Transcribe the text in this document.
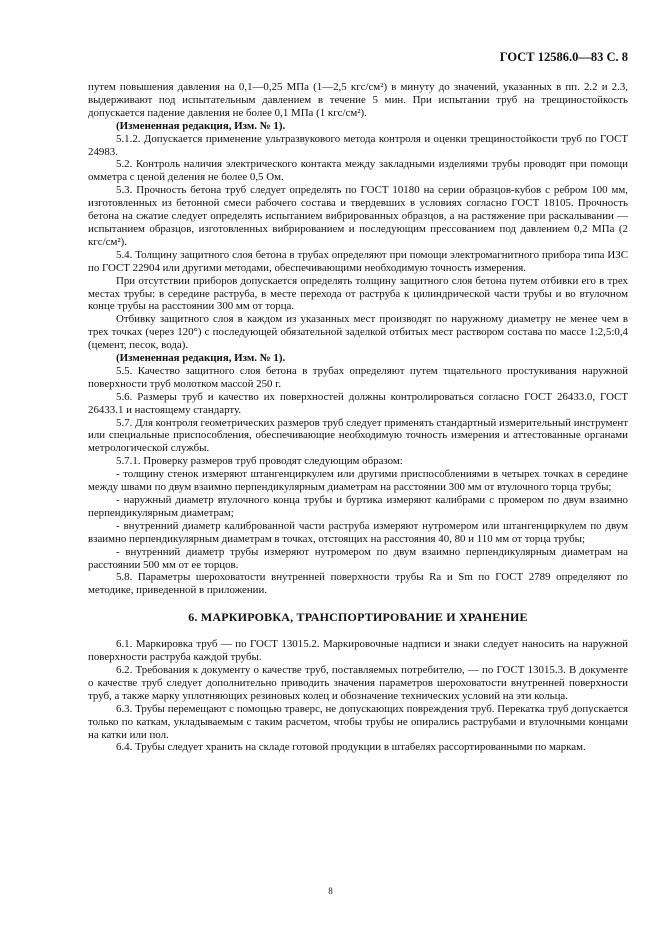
ГОСТ 12586.0—83 С. 8

путем повышения давления на 0,1—0,25 МПа (1—2,5 кгс/см²) в минуту до значений, указанных в пп. 2.2 и 2.3, выдерживают под испытательным давлением в течение 5 мин. При испытании труб на трещиностойкость допускается падение давления не более 0,1 МПа (1 кгс/см²).

(Измененная редакция, Изм. № 1).

5.1.2. Допускается применение ультразвукового метода контроля и оценки трещиностойкости труб по ГОСТ 24983.

5.2. Контроль наличия электрического контакта между закладными изделиями трубы проводят при помощи омметра с ценой деления не более 0,5 Ом.

5.3. Прочность бетона труб следует определять по ГОСТ 10180 на серии образцов-кубов с ребром 100 мм, изготовленных из бетонной смеси рабочего состава и твердевших в условиях согласно ГОСТ 18105. Прочность бетона на сжатие следует определять испытанием вибрированных образцов, а на растяжение при раскалывании — испытанием образцов, изготовленных вибрированием и последующим прессованием под давлением 0,2 МПа (2 кгс/см²).

5.4. Толщину защитного слоя бетона в трубах определяют при помощи электромагнитного прибора типа ИЗС по ГОСТ 22904 или другими методами, обеспечивающими необходимую точность измерения.

При отсутствии приборов допускается определять толщину защитного слоя бетона путем отбивки его в трех местах трубы: в середине раструба, в месте перехода от раструба к цилиндрической части трубы и во втулочном конце трубы на расстоянии 300 мм от торца.

Отбивку защитного слоя в каждом из указанных мест производят по наружному диаметру не менее чем в трех точках (через 120°) с последующей обязательной заделкой отбитых мест раствором состава по массе 1:2,5:0,4 (цемент, песок, вода).

(Измененная редакция, Изм. № 1).

5.5. Качество защитного слоя бетона в трубах определяют путем тщательного простукивания наружной поверхности труб молотком массой 250 г.

5.6. Размеры труб и качество их поверхностей должны контролироваться согласно ГОСТ 26433.0, ГОСТ 26433.1 и настоящему стандарту.

5.7. Для контроля геометрических размеров труб следует применять стандартный измерительный инструмент или специальные приспособления, обеспечивающие необходимую точность измерения и аттестованные органами метрологической службы.

5.7.1. Проверку размеров труб проводят следующим образом:

- толщину стенок измеряют штангенциркулем или другими приспособлениями в четырех точках в середине между швами по двум взаимно перпендикулярным диаметрам на расстоянии 300 мм от втулочного торца трубы;

- наружный диаметр втулочного конца трубы и буртика измеряют калибрами с промером по двум взаимно перпендикулярным диаметрам;

- внутренний диаметр калиброванной части раструба измеряют нутромером или штангенциркулем по двум взаимно перпендикулярным диаметрам в точках, отстоящих на расстояния 40, 80 и 110 мм от торца трубы;

- внутренний диаметр трубы измеряют нутромером по двум взаимно перпендикулярным диаметрам на расстоянии 500 мм от ее торцов.

5.8. Параметры шероховатости внутренней поверхности трубы Ra и Sm по ГОСТ 2789 определяют по методике, приведенной в приложении.

6. МАРКИРОВКА, ТРАНСПОРТИРОВАНИЕ И ХРАНЕНИЕ

6.1. Маркировка труб — по ГОСТ 13015.2. Маркировочные надписи и знаки следует наносить на наружной поверхности раструба каждой трубы.

6.2. Требования к документу о качестве труб, поставляемых потребителю, — по ГОСТ 13015.3. В документе о качестве труб следует дополнительно приводить значения параметров шероховатости внутренней поверхности труб, а также марку уплотняющих резиновых колец и обозначение технических условий на эти кольца.

6.3. Трубы перемещают с помощью траверс, не допускающих повреждения труб. Перекатка труб допускается только по каткам, укладываемым с таким расчетом, чтобы трубы не опирались раструбами и втулочными концами на катки или пол.

6.4. Трубы следует хранить на складе готовой продукции в штабелях рассортированными по маркам.

8
